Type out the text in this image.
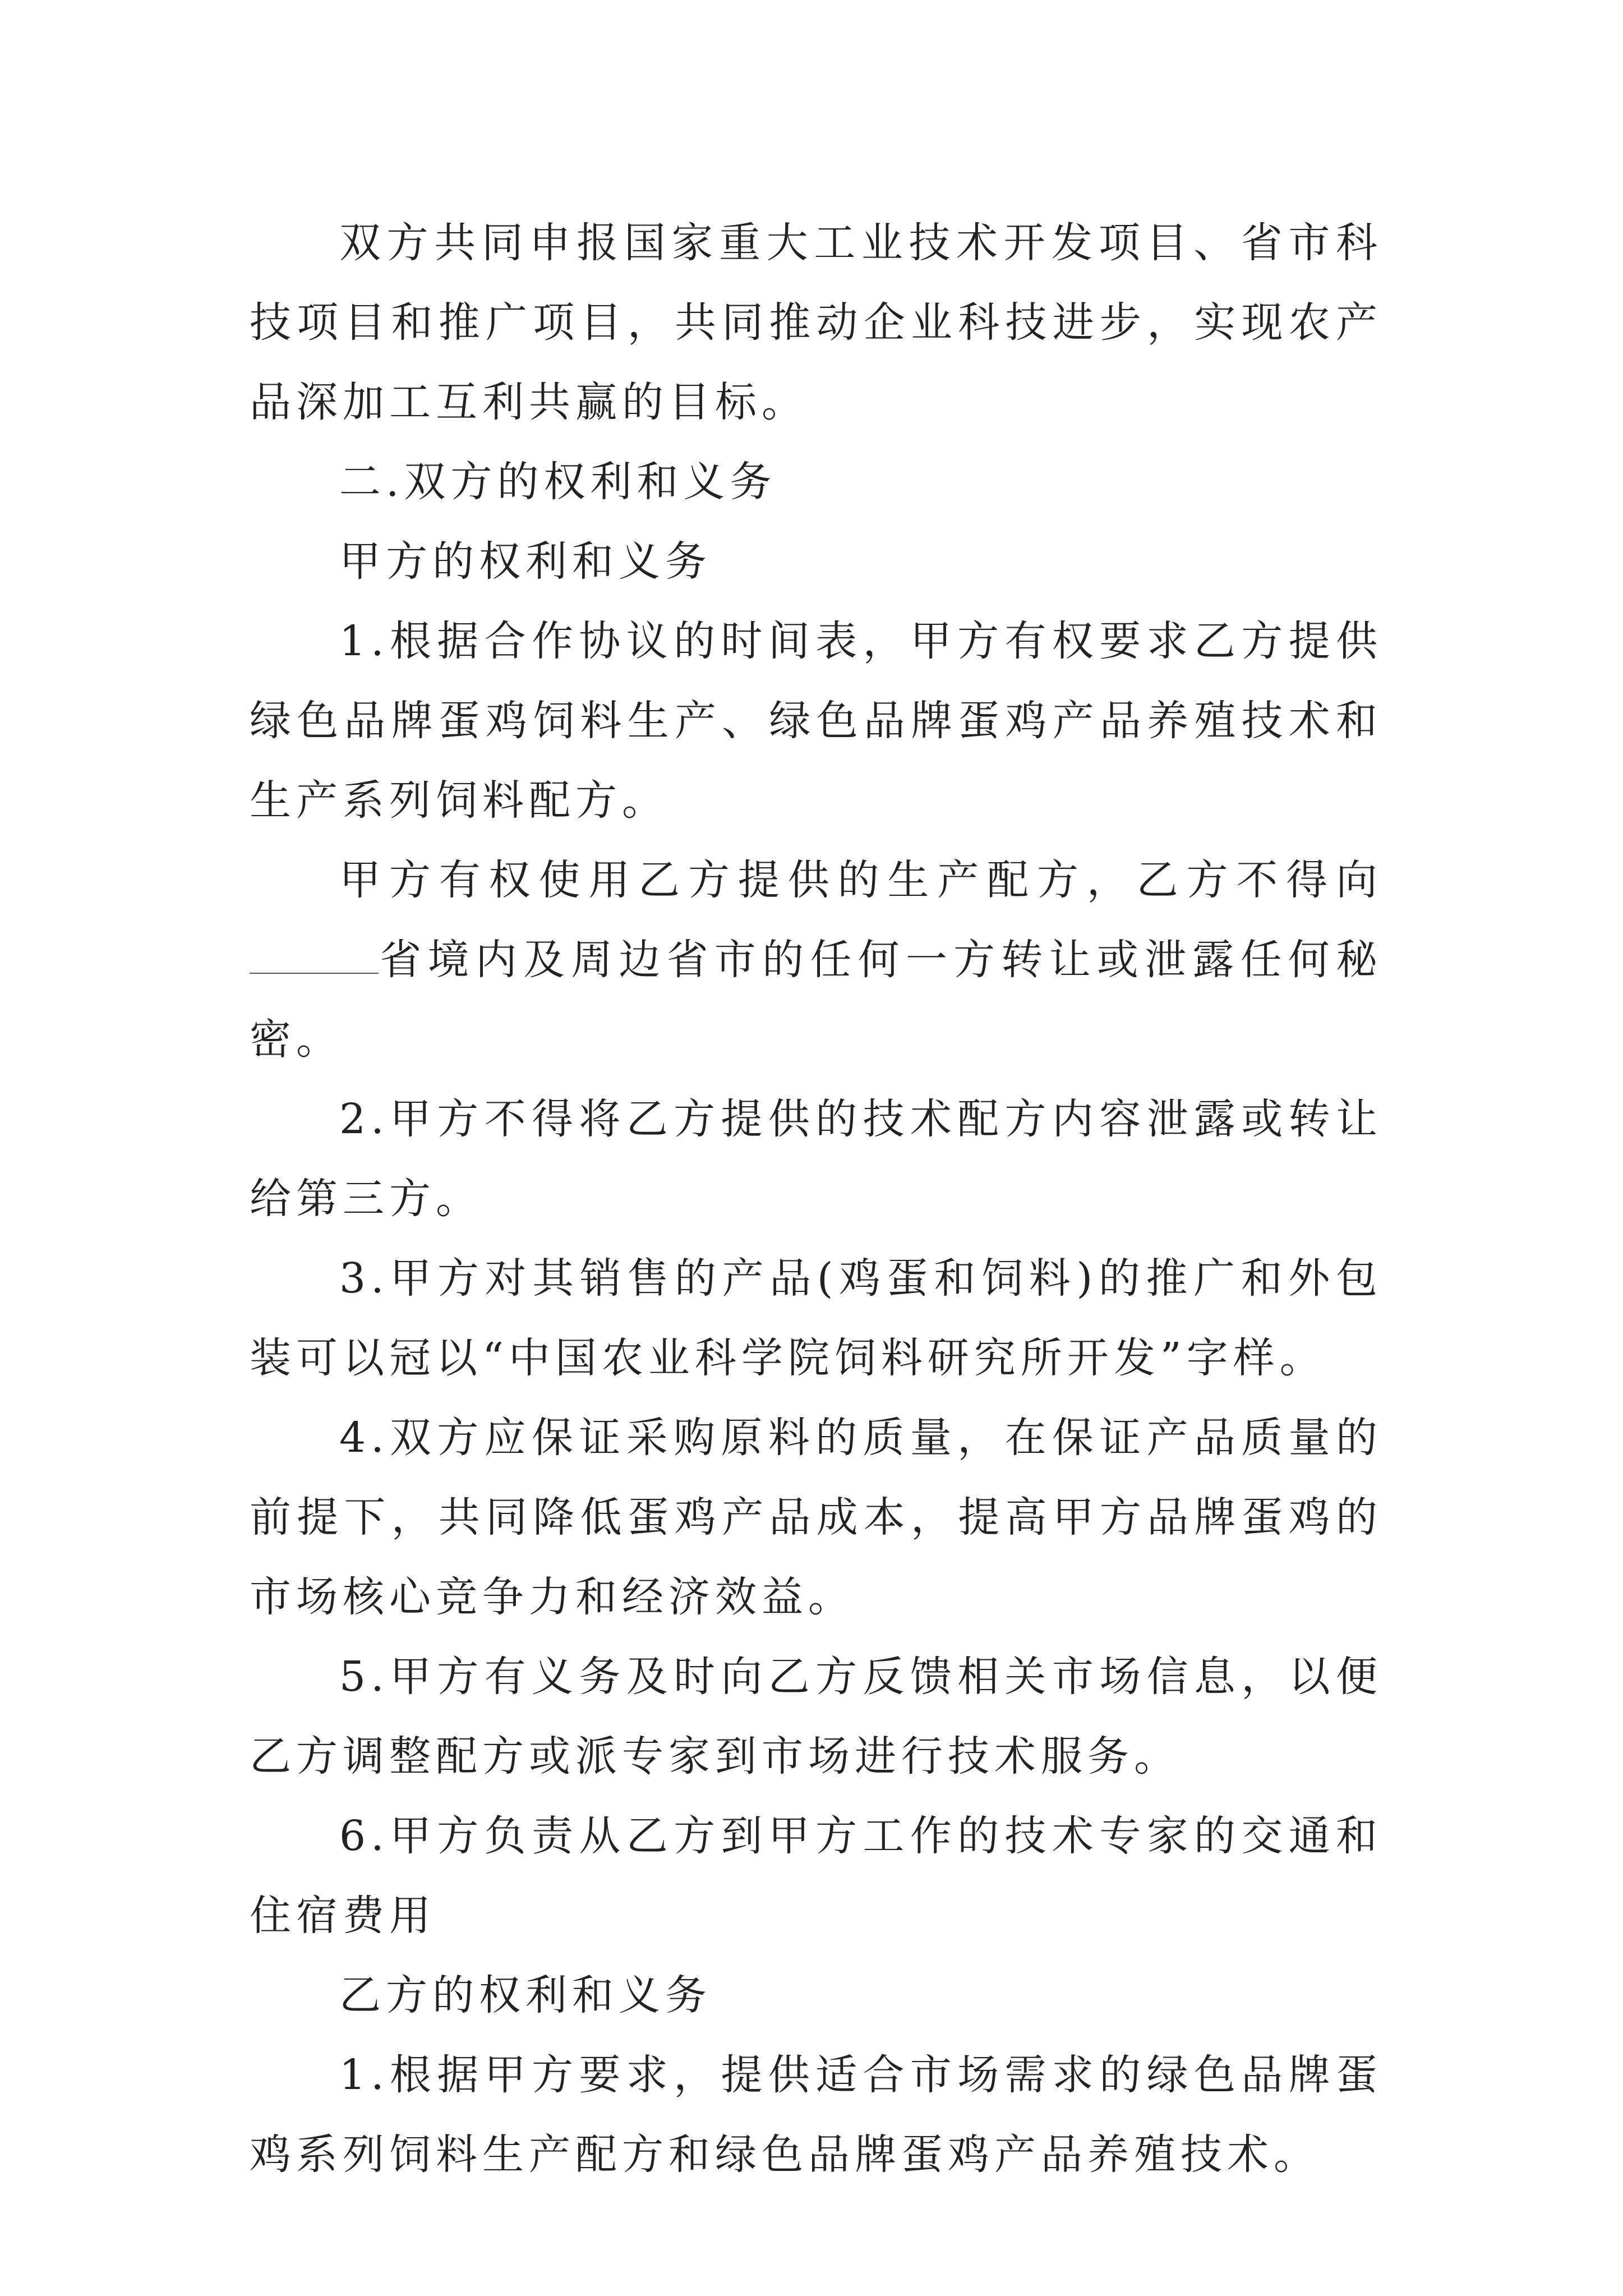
双方共同申报国家重大工业技术开发项目、省市科技项目和推广项目，共同推动企业科技进步，实现农产品深加工互利共赢的目标。

二.双方的权利和义务

甲方的权利和义务

1.根据合作协议的时间表，甲方有权要求乙方提供绿色品牌蛋鸡饲料生产、绿色品牌蛋鸡产品养殖技术和生产系列饲料配方。

甲方有权使用乙方提供的生产配方，乙方不得向省境内及周边省市的任何一方转让或泄露任何秘密。

2.甲方不得将乙方提供的技术配方内容泄露或转让给第三方。

3.甲方对其销售的产品(鸡蛋和饲料)的推广和外包装可以冠以“中国农业科学院饲料研究所开发”字样。

4.双方应保证采购原料的质量，在保证产品质量的前提下，共同降低蛋鸡产品成本，提高甲方品牌蛋鸡的市场核心竞争力和经济效益。

5.甲方有义务及时向乙方反馈相关市场信息，以便乙方调整配方或派专家到市场进行技术服务。

6.甲方负责从乙方到甲方工作的技术专家的交通和住宿费用

乙方的权利和义务

1.根据甲方要求，提供适合市场需求的绿色品牌蛋鸡系列饲料生产配方和绿色品牌蛋鸡产品养殖技术。
